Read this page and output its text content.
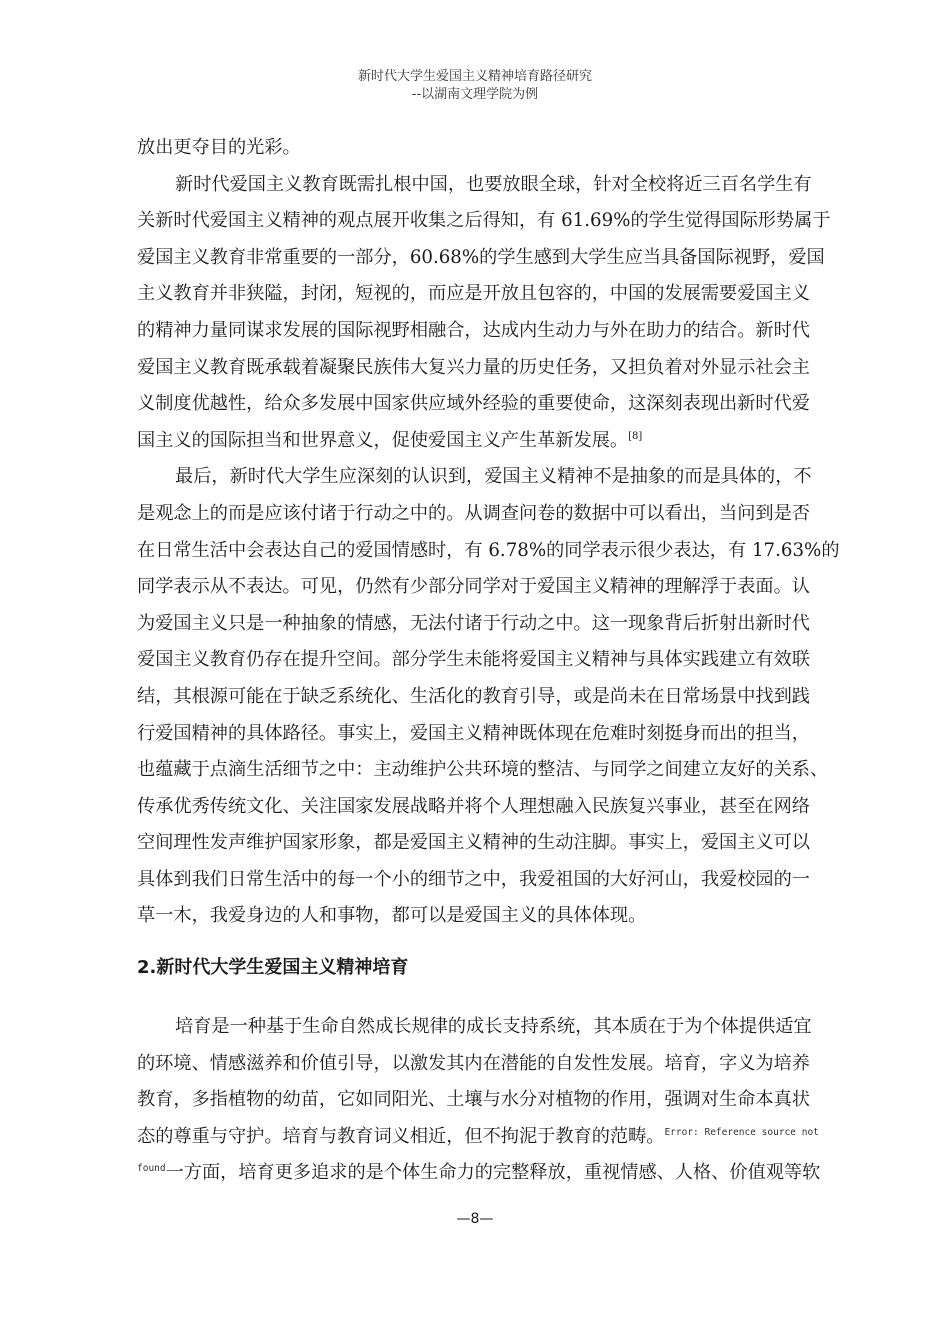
新时代大学生爱国主义精神培育路径研究
--以湖南文理学院为例
放出更夺目的光彩。
新时代爱国主义教育既需扎根中国，也要放眼全球，针对全校将近三百名学生有
关新时代爱国主义精神的观点展开收集之后得知，有 61.69%的学生觉得国际形势属于
爱国主义教育非常重要的一部分，60.68%的学生感到大学生应当具备国际视野，爱国
主义教育并非狭隘，封闭，短视的，而应是开放且包容的，中国的发展需要爱国主义
的精神力量同谋求发展的国际视野相融合，达成内生动力与外在助力的结合。新时代
爱国主义教育既承载着凝聚民族伟大复兴力量的历史任务，又担负着对外显示社会主
义制度优越性，给众多发展中国家供应域外经验的重要使命，这深刻表现出新时代爱
国主义的国际担当和世界意义，促使爱国主义产生革新发展。[8]
最后，新时代大学生应深刻的认识到，爱国主义精神不是抽象的而是具体的，不
是观念上的而是应该付诸于行动之中的。从调查问卷的数据中可以看出，当问到是否
在日常生活中会表达自己的爱国情感时，有 6.78%的同学表示很少表达，有 17.63%的
同学表示从不表达。可见，仍然有少部分同学对于爱国主义精神的理解浮于表面。认
为爱国主义只是一种抽象的情感，无法付诸于行动之中。这一现象背后折射出新时代
爱国主义教育仍存在提升空间。部分学生未能将爱国主义精神与具体实践建立有效联
结，其根源可能在于缺乏系统化、生活化的教育引导，或是尚未在日常场景中找到践
行爱国精神的具体路径。事实上，爱国主义精神既体现在危难时刻挺身而出的担当，
也蕴藏于点滴生活细节之中：主动维护公共环境的整洁、与同学之间建立友好的关系、
传承优秀传统文化、关注国家发展战略并将个人理想融入民族复兴事业，甚至在网络
空间理性发声维护国家形象，都是爱国主义精神的生动注脚。事实上，爱国主义可以
具体到我们日常生活中的每一个小的细节之中，我爱祖国的大好河山，我爱校园的一
草一木，我爱身边的人和事物，都可以是爱国主义的具体体现。
2.新时代大学生爱国主义精神培育
培育是一种基于生命自然成长规律的成长支持系统，其本质在于为个体提供适宜
的环境、情感滋养和价值引导，以激发其内在潜能的自发性发展。培育，字义为培养
教育，多指植物的幼苗，它如同阳光、土壤与水分对植物的作用，强调对生命本真状
态的尊重与守护。培育与教育词义相近，但不拘泥于教育的范畴。$^{Error: Reference source not}$
$^{found}$一方面，培育更多追求的是个体生命力的完整释放，重视情感、人格、价值观等软
—8—
